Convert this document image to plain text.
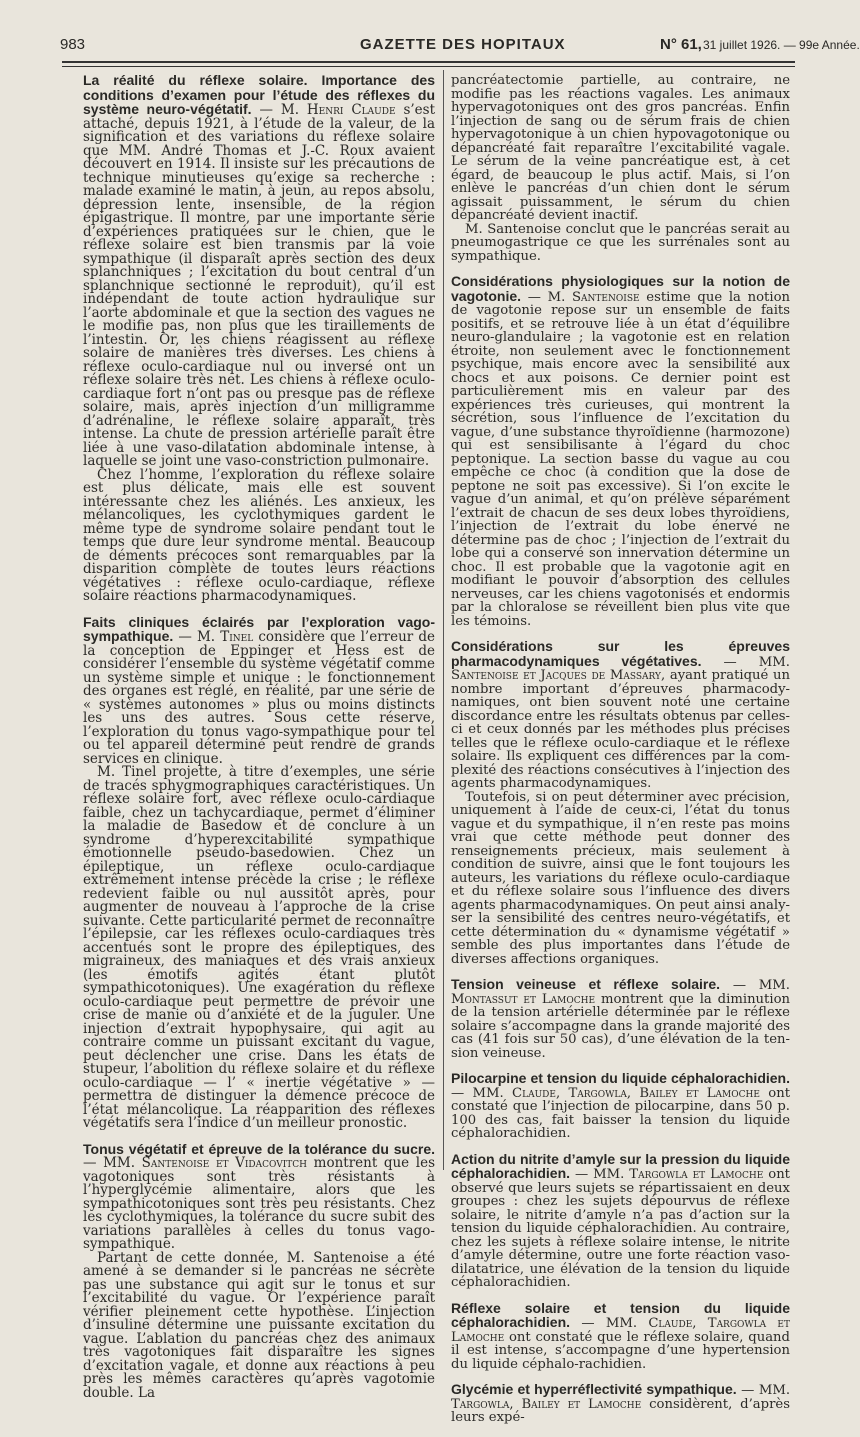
983	GAZETTE DES HOPITAUX	N° 61, 31 juillet 1926. — 99e Année.

La réalité du réflexe solaire. Importance des conditions d’examen pour l’étude des réflexes du système neuro-végétatif. — M. Henri Claude s’est attaché, depuis 1921, à l’étude de la valeur, de la signification et des variations du réflexe solaire que MM. André Thomas et J.-C. Roux avaient découvert en 1914. Il insiste sur les précautions de technique minutieuses qu’exige sa recherche : malade examiné le matin, à jeun, au repos absolu, dépression lente, insensible, de la région épigastrique. Il montre, par une importante série d’expériences pratiquées sur le chien, que le réflexe solaire est bien transmis par la voie sympathique (il disparaît après section des deux splanchniques ; l’excitation du bout central d’un splanchnique sectionné le reproduit), qu’il est indépendant de toute action hydraulique sur l’aorte abdominale et que la section des vagues ne le modifie pas, non plus que les tiraillements de l’intestin. Or, les chiens réagissent au réflexe solaire de manières très diverses. Les chiens à réflexe oculo-cardiaque nul ou inversé ont un réflexe solaire très net. Les chiens à réflexe oculo-cardiaque fort n’ont pas ou presque pas de réflexe solaire, mais, après injection d’un milligramme d’adrénaline, le réflexe solaire apparaît, très intense. La chute de pression artérielle paraît être liée à une vaso-dilatation abdominale intense, à laquelle se joint une vaso-constriction pulmonaire.

Chez l’homme, l’exploration du réflexe solaire est plus délicate, mais elle est souvent intéressante chez les aliénés. Les anxieux, les mélancoliques, les cyclothymiques gardent le même type de syndrome solaire pendant tout le temps que dure leur syndrome mental. Beaucoup de déments précoces sont remarquables par la disparition complète de toutes leurs réactions végétatives : réflexe oculo-cardiaque, réflexe solaire réactions pharmacodynamiques.

Faits cliniques éclairés par l’exploration vago-sympathique. — M. Tinel considère que l’erreur de la conception de Eppinger et Hess est de considérer l’ensemble du système végétatif comme un système simple et unique : le fonctionnement des organes est réglé, en réalité, par une série de « systèmes autonomes » plus ou moins distincts les uns des autres. Sous cette réserve, l’exploration du tonus vago-sympathique pour tel ou tel appareil déterminé peut rendre de grands services en clinique.

M. Tinel projette, à titre d’exemples, une série de tracés sphygmographiques caractéristiques. Un réflexe solaire fort, avec réflexe oculo-cardiaque faible, chez un tachycardiaque, permet d’éliminer la maladie de Basedow et de conclure à un syndrome d’hyperexcitabilité sympathique émotionnelle pseudo-basedowien. Chez un épileptique, un réflexe oculo-cardiaque extrêmement intense précède la crise ; le réflexe redevient faible ou nul aussitôt après, pour augmenter de nouveau à l’approche de la crise suivante. Cette particularité permet de reconnaître l’épilepsie, car les réflexes oculo-cardiaques très accentués sont le propre des épileptiques, des migraineux, des maniaques et des vrais anxieux (les émotifs agités étant plutôt sympathicotoniques). Une exagération du réflexe oculo-cardiaque peut permettre de prévoir une crise de manie ou d’anxiété et de la juguler. Une injection d’extrait hypophysaire, qui agit au contraire comme un puissant excitant du vague, peut déclencher une crise. Dans les états de stupeur, l’abolition du réflexe solaire et du réflexe oculo-cardiaque — l’ « inertie végétative » — permettra de distinguer la démence précoce de l’état mélancolique. La réapparition des réflexes végétatifs sera l’indice d’un meilleur pronostic.

Tonus végétatif et épreuve de la tolérance du sucre. — MM. Santenoise et Vidacovitch montrent que les vagotoniques sont très résistants à l’hyperglycémie alimentaire, alors que les sympathicotoniques sont très peu résistants. Chez les cyclothymiques, la tolérance du sucre subit des variations parallèles à celles du tonus vago-sympathique.

Partant de cette donnée, M. Santenoise a été amené à se demander si le pancréas ne sécrète pas une substance qui agit sur le tonus et sur l’excitabilité du vague. Or l’expérience paraît vérifier pleinement cette hypothèse. L’injection d’insuline détermine une puissante excitation du vague. L’ablation du pancréas chez des animaux très vagotoniques fait disparaître les signes d’excitation vagale, et donne aux réactions à peu près les mêmes caractères qu’après vagotomie double. La

pancréatectomie partielle, au contraire, ne modifie pas les réactions vagales. Les animaux hypervagotoniques ont des gros pancréas. Enfin l’injection de sang ou de sérum frais de chien hypervagotonique à un chien hypovagotonique ou dépancréaté fait reparaître l’excitabilité vagale. Le sérum de la veine pancréatique est, à cet égard, de beaucoup le plus actif. Mais, si l’on enlève le pancréas d’un chien dont le sérum agissait puissamment, le sérum du chien dépancréaté devient inactif.

M. Santenoise conclut que le pancréas serait au pneumogastrique ce que les surrénales sont au sympathique.

Considérations physiologiques sur la notion de vagotonie. — M. Santenoise estime que la notion de vagotonie repose sur un ensemble de faits positifs, et se retrouve liée à un état d’équilibre neuro-glandulaire ; la vagotonie est en relation étroite, non seulement avec le fonctionnement psychique, mais encore avec la sensibilité aux chocs et aux poisons. Ce dernier point est particulièrement mis en valeur par des expériences très curieuses, qui montrent la sécrétion, sous l’influence de l’excitation du vague, d’une substance thyroïdienne (harmozone) qui est sensibilisante à l’égard du choc peptonique. La section basse du vague au cou empêche ce choc (à condition que la dose de peptone ne soit pas excessive). Si l’on excite le vague d’un animal, et qu’on prélève séparément l’extrait de chacun de ses deux lobes thyroïdiens, l’injection de l’extrait du lobe énervé ne détermine pas de choc ; l’injection de l’extrait du lobe qui a conservé son innervation détermine un choc. Il est probable que la vagotonie agit en modifiant le pouvoir d’absorption des cellules nerveuses, car les chiens vagotonisés et endormis par la chloralose se réveillent bien plus vite que les témoins.

Considérations sur les épreuves pharmacodynamiques végétatives. — MM. Santenoise et Jacques de Massary, ayant pratiqué un nombre important d’épreuves pharmacodynamiques, ont bien souvent noté une certaine discordance entre les résultats obtenus par celles-ci et ceux donnés par les méthodes plus précises telles que le réflexe oculo-cardiaque et le réflexe solaire. Ils expliquent ces différences par la complexité des réactions consécutives à l’injection des agents pharmacodynamiques.

Toutefois, si on peut déterminer avec précision, uniquement à l’aide de ceux-ci, l’état du tonus vague et du sympathique, il n’en reste pas moins vrai que cette méthode peut donner des renseignements précieux, mais seulement à condition de suivre, ainsi que le font toujours les auteurs, les variations du réflexe oculo-cardiaque et du réflexe solaire sous l’influence des divers agents pharmacodynamiques. On peut ainsi analyser la sensibilité des centres neuro-végétatifs, et cette détermination du « dynamisme végétatif » semble des plus importantes dans l’étude de diverses affections organiques.

Tension veineuse et réflexe solaire. — MM. Montassut et Lamoche montrent que la diminution de la tension artérielle déterminée par le réflexe solaire s’accompagne dans la grande majorité des cas (41 fois sur 50 cas), d’une élévation de la tension veineuse.

Pilocarpine et tension du liquide céphalorachidien. — MM. Claude, Targowla, Bailey et Lamoche ont constaté que l’injection de pilocarpine, dans 50 p. 100 des cas, fait baisser la tension du liquide céphalorachidien.

Action du nitrite d’amyle sur la pression du liquide céphalorachidien. — MM. Targowla et Lamoche ont observé que leurs sujets se répartissaient en deux groupes : chez les sujets dépourvus de réflexe solaire, le nitrite d’amyle n’a pas d’action sur la tension du liquide céphalorachidien. Au contraire, chez les sujets à réflexe solaire intense, le nitrite d’amyle détermine, outre une forte réaction vaso-dilatatrice, une élévation de la tension du liquide céphalorachidien.

Réflexe solaire et tension du liquide céphalorachidien. — MM. Claude, Targowla et Lamoche ont constaté que le réflexe solaire, quand il est intense, s’accompagne d’une hypertension du liquide céphalo-rachidien.

Glycémie et hyperréflectivité sympathique. — MM. Targowla, Bailey et Lamoche considèrent, d’après leurs expé-
